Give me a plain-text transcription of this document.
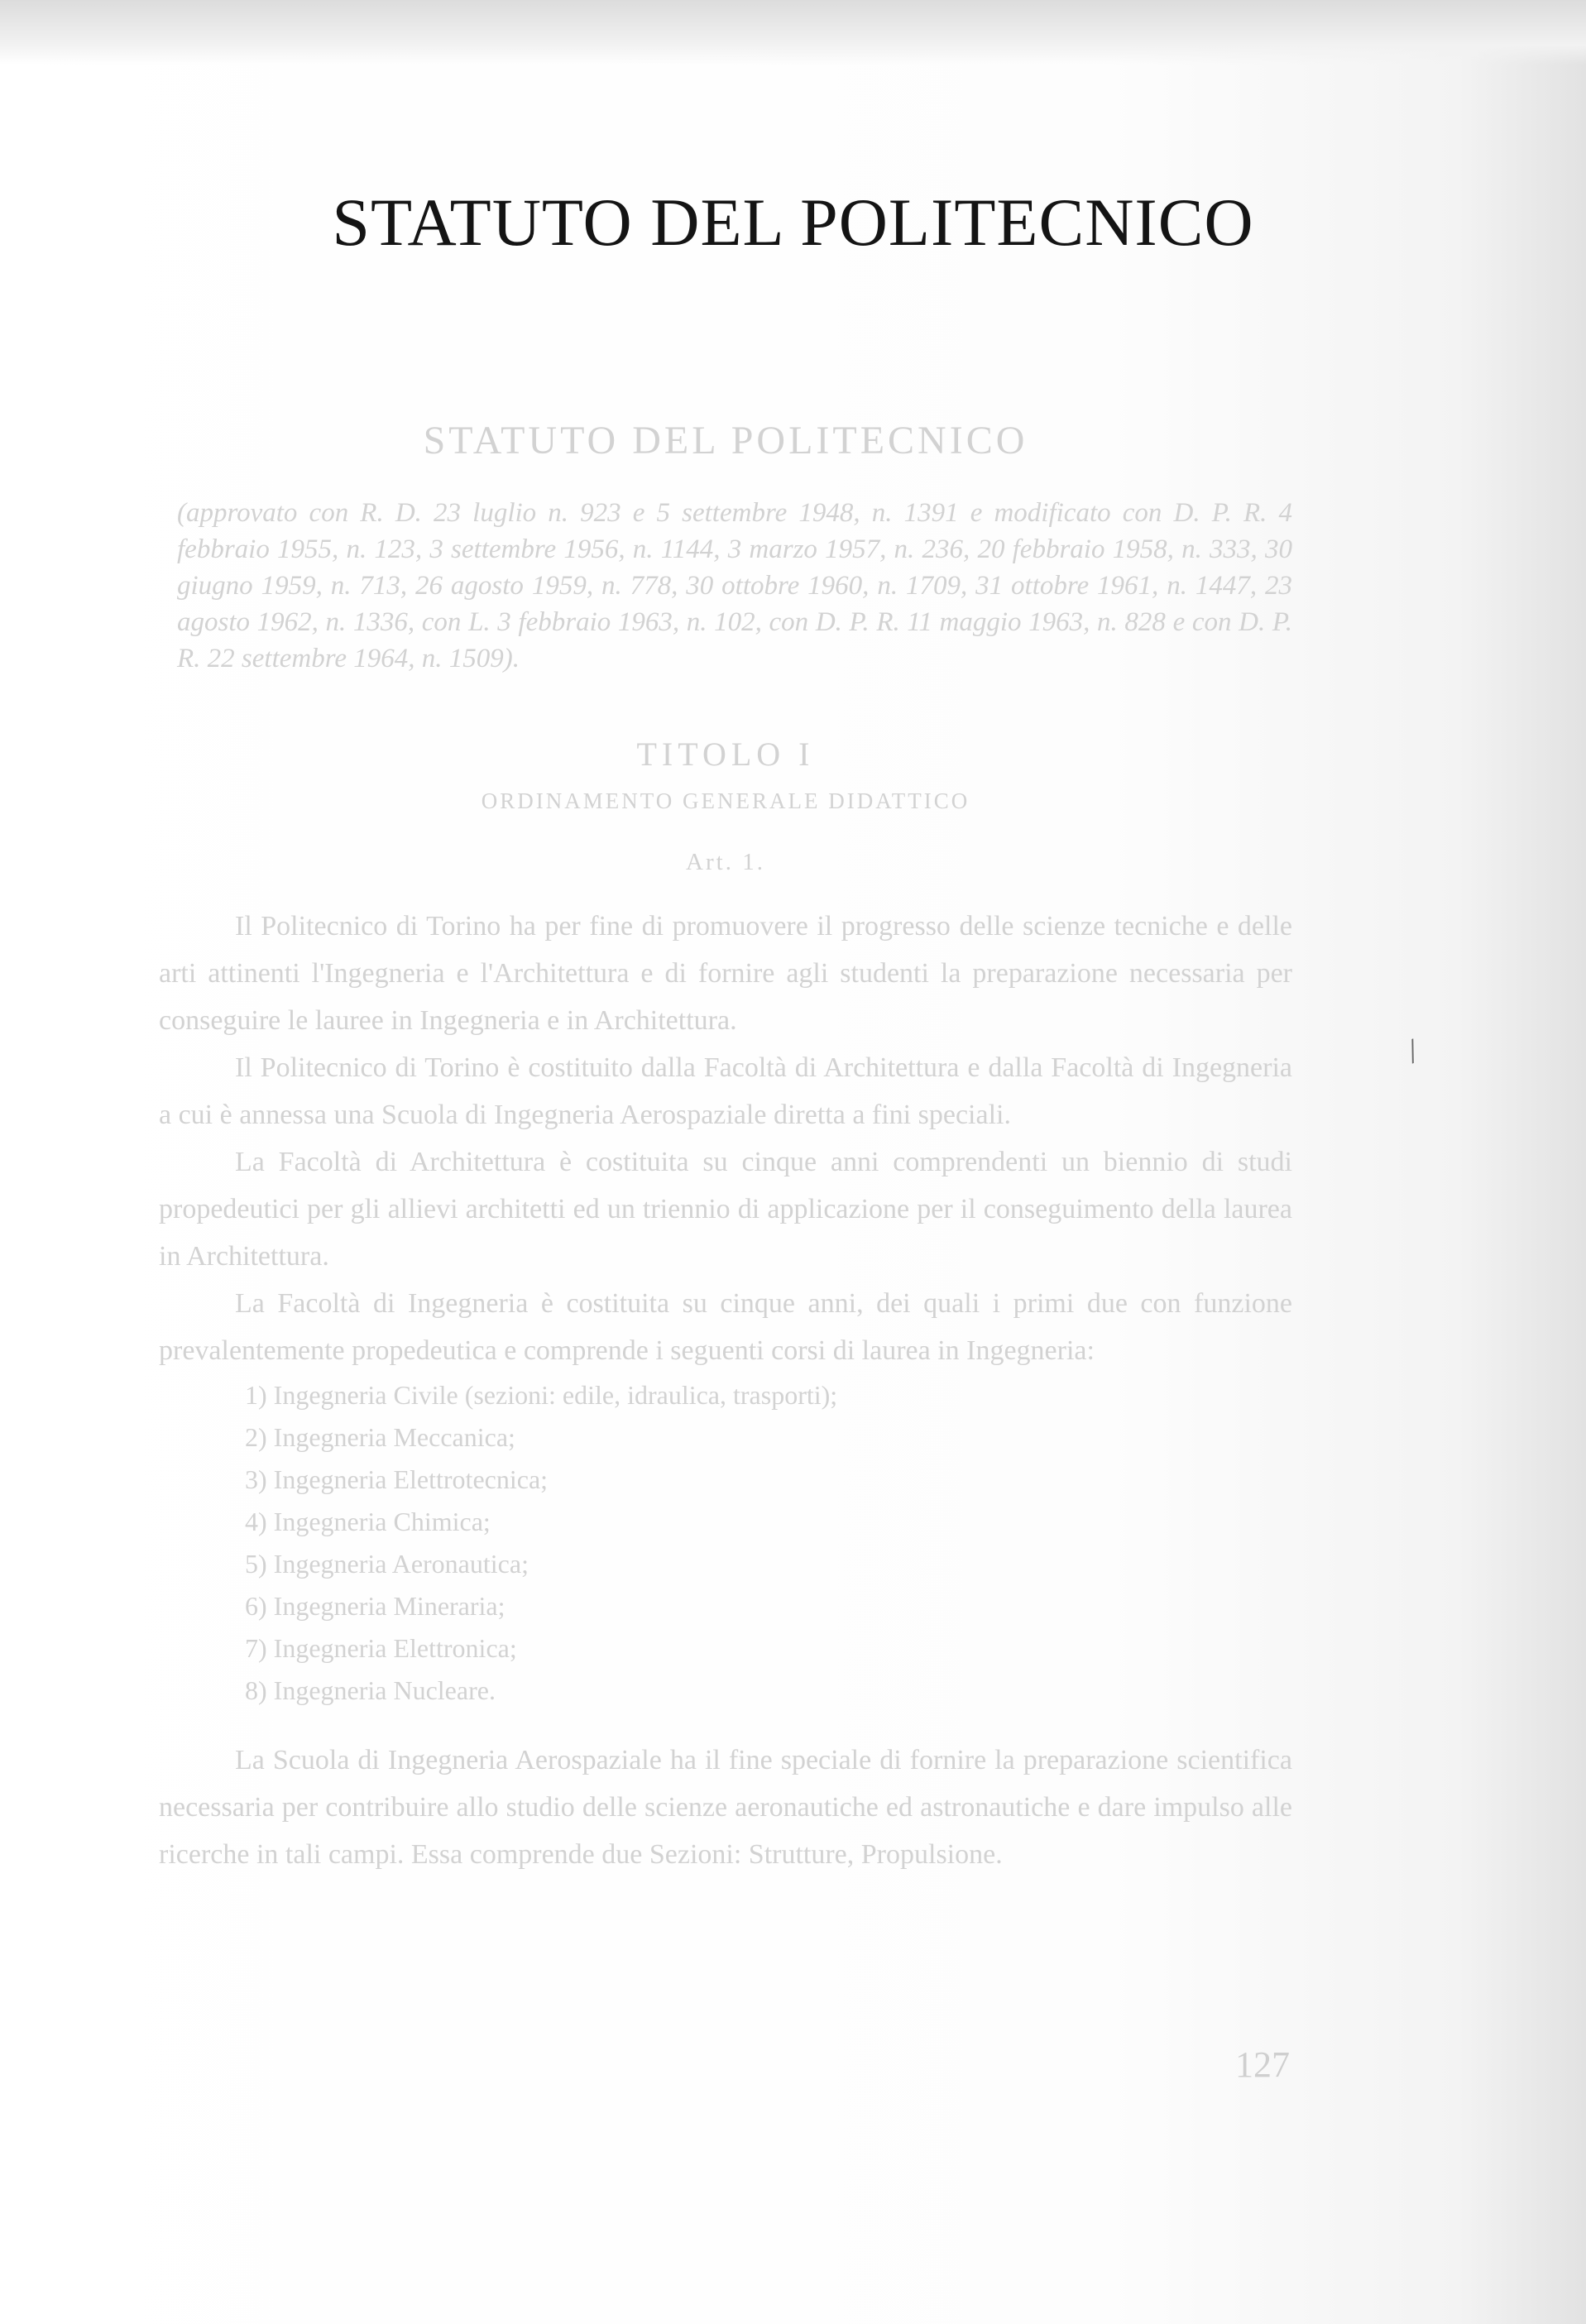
STATUTO DEL POLITECNICO

STATUTO DEL POLITECNICO

(approvato con R. D. 23 luglio n. 923 e 5 settembre 1948, n. 1391 e modificato con D. P. R. 4 febbraio 1955, n. 123, 3 settembre 1956, n. 1144, 3 marzo 1957, n. 236, 20 febbraio 1958, n. 333, 30 giugno 1959, n. 713, 26 agosto 1959, n. 778, 30 ottobre 1960, n. 1709, 31 ottobre 1961, n. 1447, 23 agosto 1962, n. 1336, con L. 3 febbraio 1963, n. 102, con D. P. R. 11 maggio 1963, n. 828 e con D. P. R. 22 settembre 1964, n. 1509).

TITOLO I

ORDINAMENTO GENERALE DIDATTICO

Art. 1.

Il Politecnico di Torino ha per fine di promuovere il progresso delle scienze tecniche e delle arti attinenti l'Ingegneria e l'Architettura e di fornire agli studenti la preparazione necessaria per conseguire le lauree in Ingegneria e in Architettura.

Il Politecnico di Torino è costituito dalla Facoltà di Architettura e dalla Facoltà di Ingegneria a cui è annessa una Scuola di Ingegneria Aerospaziale diretta a fini speciali.

La Facoltà di Architettura è costituita su cinque anni comprendenti un biennio di studi propedeutici per gli allievi architetti ed un triennio di applicazione per il conseguimento della laurea in Architettura.

La Facoltà di Ingegneria è costituita su cinque anni, dei quali i primi due con funzione prevalentemente propedeutica e comprende i seguenti corsi di laurea in Ingegneria:

1) Ingegneria Civile (sezioni: edile, idraulica, trasporti);
2) Ingegneria Meccanica;
3) Ingegneria Elettrotecnica;
4) Ingegneria Chimica;
5) Ingegneria Aeronautica;
6) Ingegneria Mineraria;
7) Ingegneria Elettronica;
8) Ingegneria Nucleare.

La Scuola di Ingegneria Aerospaziale ha il fine speciale di fornire la preparazione scientifica necessaria per contribuire allo studio delle scienze aeronautiche ed astronautiche e dare impulso alle ricerche in tali campi. Essa comprende due Sezioni: Strutture, Propulsione.

127
/
